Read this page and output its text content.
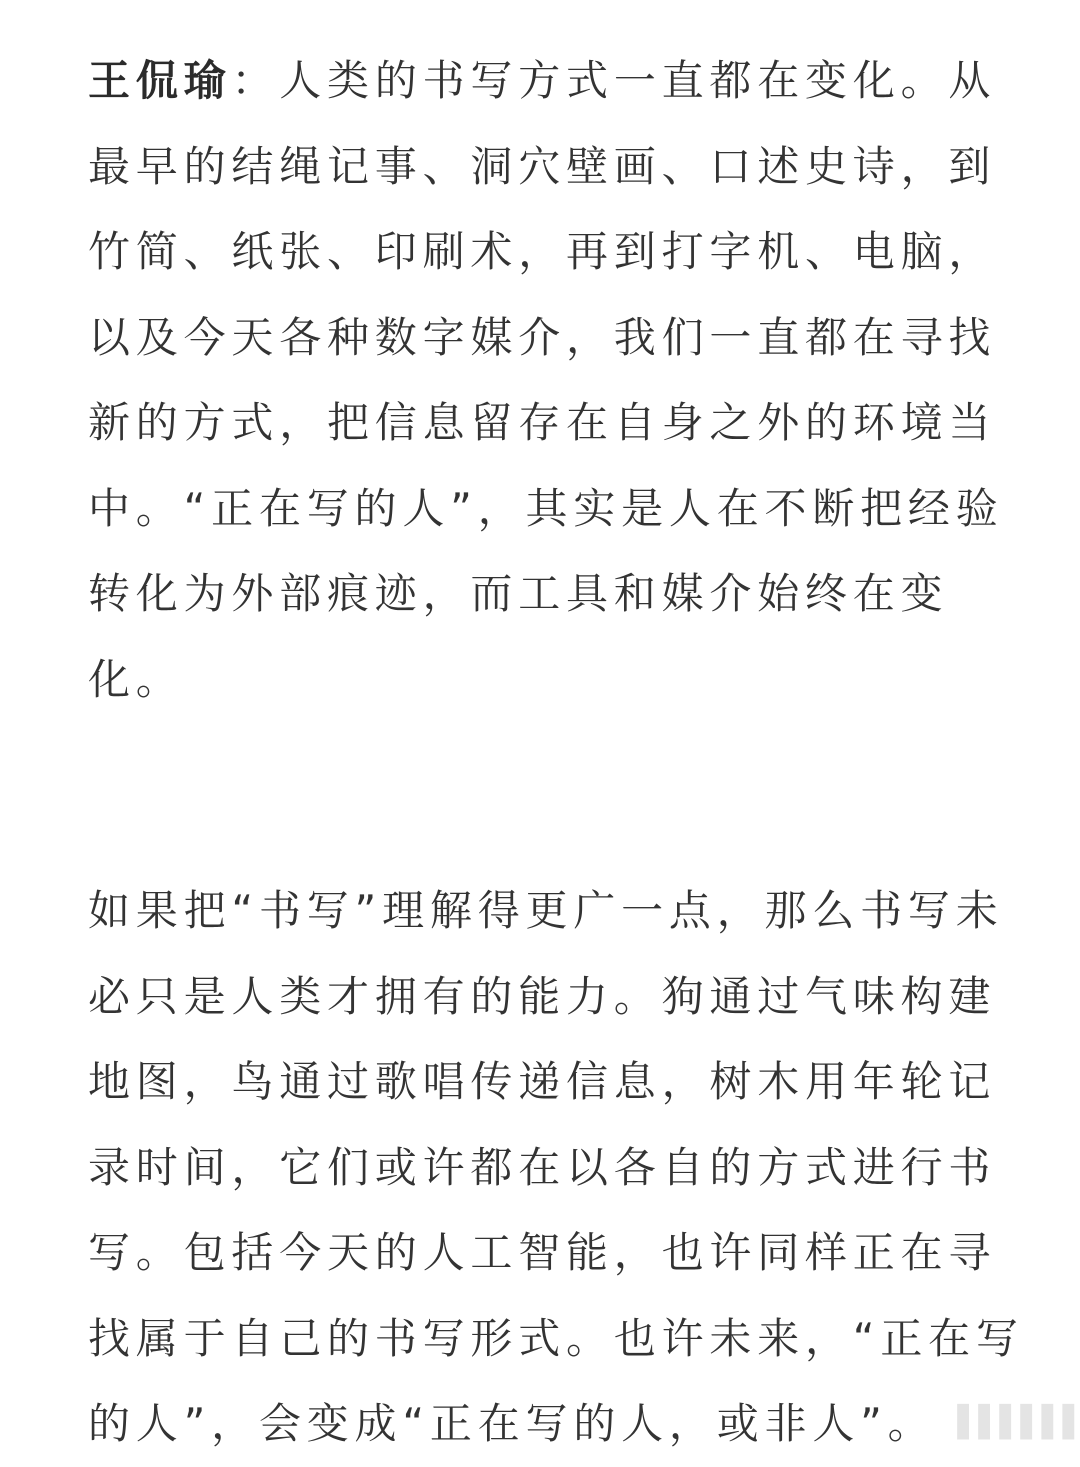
王侃瑜：人类的书写方式一直都在变化。从
最早的结绳记事、洞穴壁画、口述史诗，到
竹简、纸张、印刷术，再到打字机、电脑，
以及今天各种数字媒介，我们一直都在寻找
新的方式，把信息留存在自身之外的环境当
中。“正在写的人”，其实是人在不断把经验
转化为外部痕迹，而工具和媒介始终在变
化。
如果把“书写”理解得更广一点，那么书写未
必只是人类才拥有的能力。狗通过气味构建
地图，鸟通过歌唱传递信息，树木用年轮记
录时间，它们或许都在以各自的方式进行书
写。包括今天的人工智能，也许同样正在寻
找属于自己的书写形式。也许未来，“正在写
的人”，会变成“正在写的人，或非人”。 ▐▐▐▐▐▐
